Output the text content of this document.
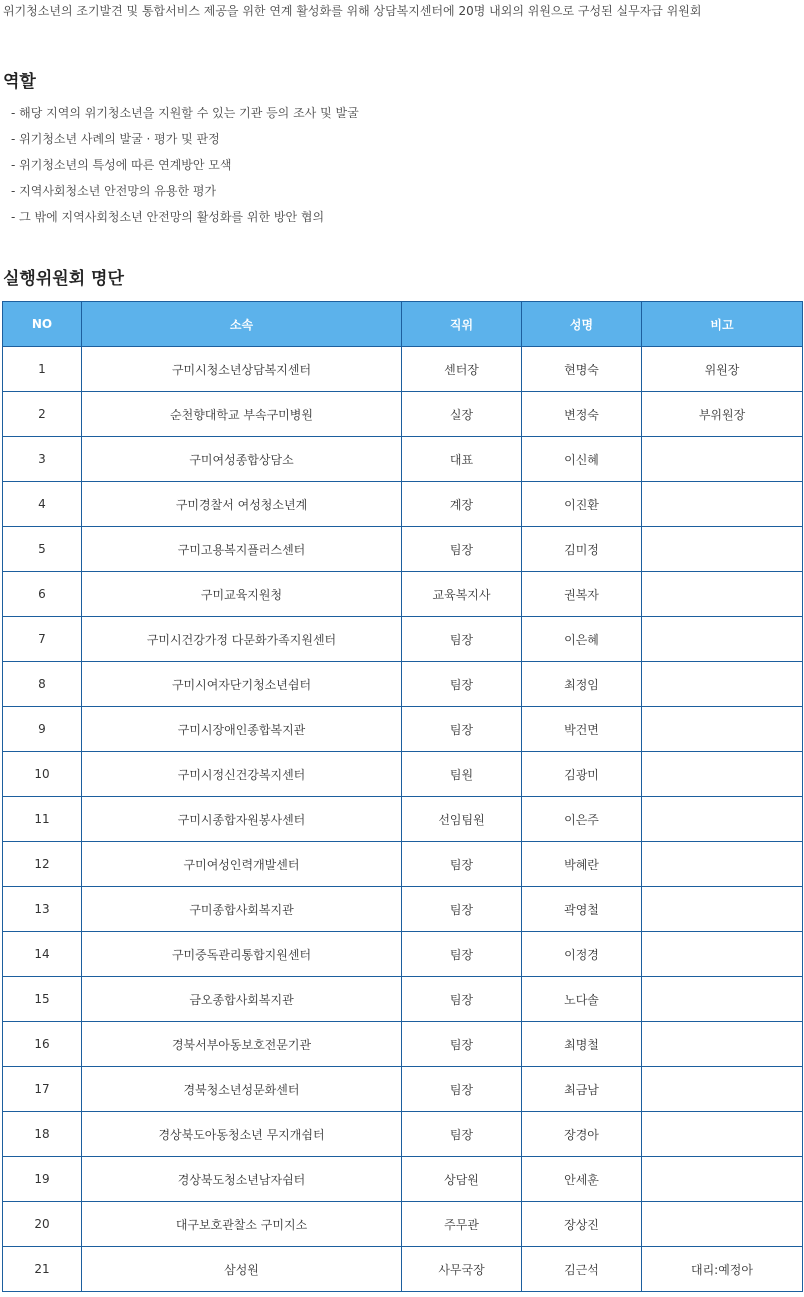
위기청소년의 조기발견 및 통합서비스 제공을 위한 연계 활성화를 위해 상담복지센터에 20명 내외의 위원으로 구성된 실무자급 위원회
역할
- 해당 지역의 위기청소년을 지원할 수 있는 기관 등의 조사 및 발굴
- 위기청소년 사례의 발굴 · 평가 및 판정
- 위기청소년의 특성에 따른 연계방안 모색
- 지역사회청소년 안전망의 유용한 평가
- 그 밖에 지역사회청소년 안전망의 활성화를 위한 방안 협의
실행위원회 명단
NO	소속	직위	성명	비고
1	구미시청소년상담복지센터	센터장	현명숙	위원장
2	순천향대학교 부속구미병원	실장	변정숙	부위원장
3	구미여성종합상담소	대표	이신혜	
4	구미경찰서 여성청소년계	계장	이진환	
5	구미고용복지플러스센터	팀장	김미정	
6	구미교육지원청	교육복지사	권복자	
7	구미시건강가정 다문화가족지원센터	팀장	이은혜	
8	구미시여자단기청소년쉼터	팀장	최정임	
9	구미시장애인종합복지관	팀장	박건면	
10	구미시정신건강복지센터	팀원	김광미	
11	구미시종합자원봉사센터	선임팀원	이은주	
12	구미여성인력개발센터	팀장	박혜란	
13	구미종합사회복지관	팀장	곽영철	
14	구미중독관리통합지원센터	팀장	이정경	
15	금오종합사회복지관	팀장	노다솔	
16	경북서부아동보호전문기관	팀장	최명철	
17	경북청소년성문화센터	팀장	최금남	
18	경상북도아동청소년 무지개쉼터	팀장	장경아	
19	경상북도청소년남자쉼터	상담원	안세훈	
20	대구보호관찰소 구미지소	주무관	장상진	
21	삼성원	사무국장	김근석	대리:예정아
